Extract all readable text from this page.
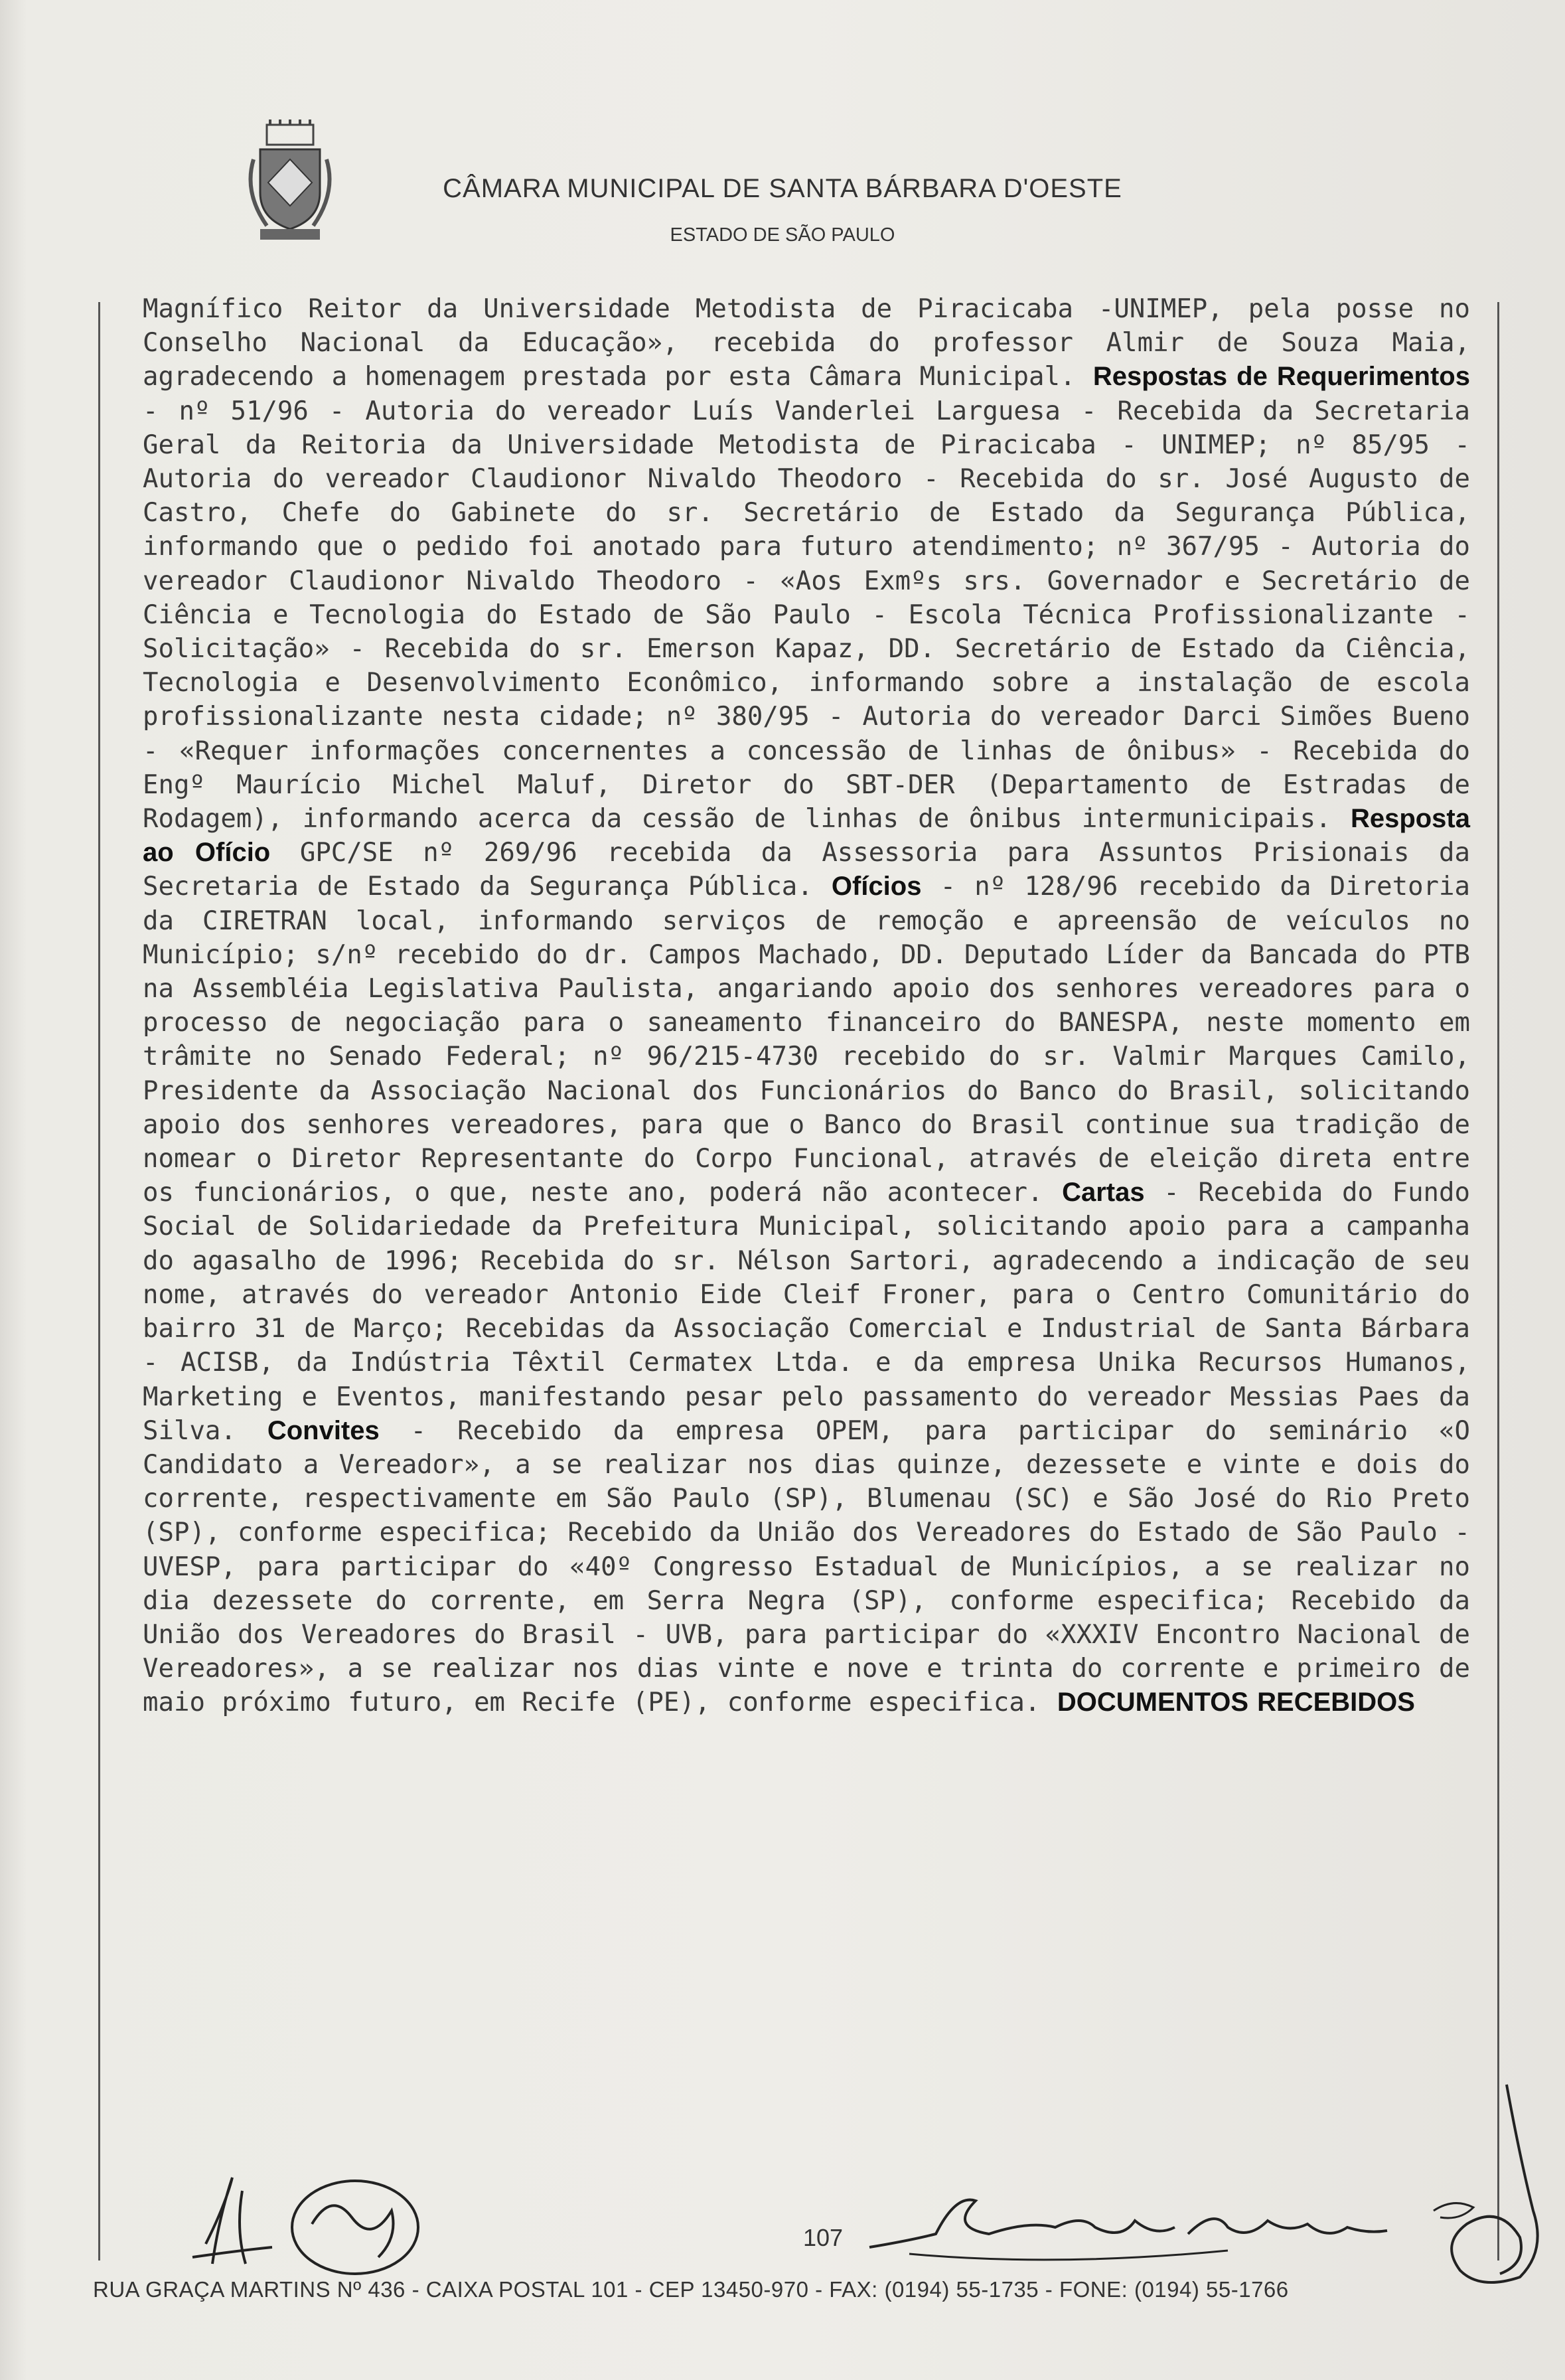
CÂMARA MUNICIPAL DE SANTA BÁRBARA D'OESTE
ESTADO DE SÃO PAULO
Magnífico Reitor da Universidade Metodista de Piracicaba -UNIMEP, pela posse no Conselho Nacional da Educação», recebida do professor Almir de Souza Maia, agradecendo a homenagem prestada por esta Câmara Municipal. Respostas de Requerimentos - nº 51/96 - Autoria do vereador Luís Vanderlei Larguesa - Recebida da Secretaria Geral da Reitoria da Universidade Metodista de Piracicaba - UNIMEP; nº 85/95 - Autoria do vereador Claudionor Nivaldo Theodoro - Recebida do sr. José Augusto de Castro, Chefe do Gabinete do sr. Secretário de Estado da Segurança Pública, informando que o pedido foi anotado para futuro atendimento; nº 367/95 - Autoria do vereador Claudionor Nivaldo Theodoro - «Aos Exmºs srs. Governador e Secretário de Ciência e Tecnologia do Estado de São Paulo - Escola Técnica Profissionalizante - Solicitação» - Recebida do sr. Emerson Kapaz, DD. Secretário de Estado da Ciência, Tecnologia e Desenvolvimento Econômico, informando sobre a instalação de escola profissionalizante nesta cidade; nº 380/95 - Autoria do vereador Darci Simões Bueno - «Requer informações concernentes a concessão de linhas de ônibus» - Recebida do Engº Maurício Michel Maluf, Diretor do SBT-DER (Departamento de Estradas de Rodagem), informando acerca da cessão de linhas de ônibus intermunicipais. Resposta ao Ofício GPC/SE nº 269/96 recebida da Assessoria para Assuntos Prisionais da Secretaria de Estado da Segurança Pública. Ofícios - nº 128/96 recebido da Diretoria da CIRETRAN local, informando serviços de remoção e apreensão de veículos no Município; s/nº recebido do dr. Campos Machado, DD. Deputado Líder da Bancada do PTB na Assembléia Legislativa Paulista, angariando apoio dos senhores vereadores para o processo de negociação para o saneamento financeiro do BANESPA, neste momento em trâmite no Senado Federal; nº 96/215-4730 recebido do sr. Valmir Marques Camilo, Presidente da Associação Nacional dos Funcionários do Banco do Brasil, solicitando apoio dos senhores vereadores, para que o Banco do Brasil continue sua tradição de nomear o Diretor Representante do Corpo Funcional, através de eleição direta entre os funcionários, o que, neste ano, poderá não acontecer. Cartas - Recebida do Fundo Social de Solidariedade da Prefeitura Municipal, solicitando apoio para a campanha do agasalho de 1996; Recebida do sr. Nélson Sartori, agradecendo a indicação de seu nome, através do vereador Antonio Eide Cleif Froner, para o Centro Comunitário do bairro 31 de Março; Recebidas da Associação Comercial e Industrial de Santa Bárbara - ACISB, da Indústria Têxtil Cermatex Ltda. e da empresa Unika Recursos Humanos, Marketing e Eventos, manifestando pesar pelo passamento do vereador Messias Paes da Silva. Convites - Recebido da empresa OPEM, para participar do seminário «O Candidato a Vereador», a se realizar nos dias quinze, dezessete e vinte e dois do corrente, respectivamente em São Paulo (SP), Blumenau (SC) e São José do Rio Preto (SP), conforme especifica; Recebido da União dos Vereadores do Estado de São Paulo - UVESP, para participar do «40º Congresso Estadual de Municípios, a se realizar no dia dezessete do corrente, em Serra Negra (SP), conforme especifica; Recebido da União dos Vereadores do Brasil - UVB, para participar do «XXXIV Encontro Nacional de Vereadores», a se realizar nos dias vinte e nove e trinta do corrente e primeiro de maio próximo futuro, em Recife (PE), conforme especifica. DOCUMENTOS RECEBIDOS
107
RUA GRAÇA MARTINS Nº 436 - CAIXA POSTAL 101 - CEP 13450-970 - FAX: (0194) 55-1735 - FONE: (0194) 55-1766
